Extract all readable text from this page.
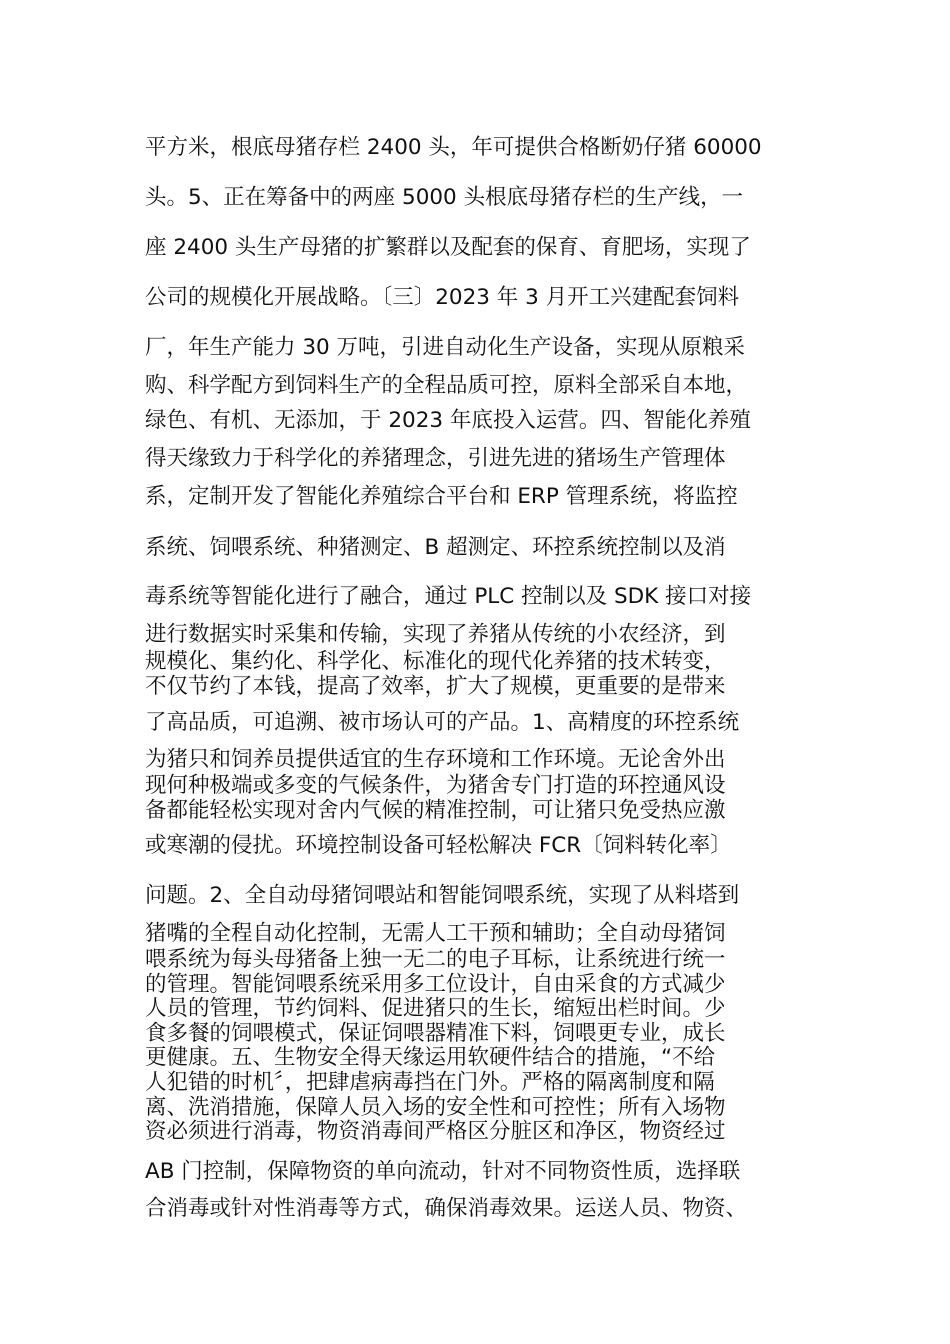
平方米，根底母猪存栏 2400 头，年可提供合格断奶仔猪 60000
头。5、正在筹备中的两座 5000 头根底母猪存栏的生产线，一
座 2400 头生产母猪的扩繁群以及配套的保育、育肥场，实现了
公司的规模化开展战略。〔三〕2023 年 3 月开工兴建配套饲料
厂，年生产能力 30 万吨，引进自动化生产设备，实现从原粮采
购、科学配方到饲料生产的全程品质可控，原料全部采自本地，
绿色、有机、无添加，于 2023 年底投入运营。四、智能化养殖
得天缘致力于科学化的养猪理念，引进先进的猪场生产管理体
系，定制开发了智能化养殖综合平台和 ERP 管理系统，将监控
系统、饲喂系统、种猪测定、B 超测定、环控系统控制以及消
毒系统等智能化进行了融合，通过 PLC 控制以及 SDK 接口对接
进行数据实时采集和传输，实现了养猪从传统的小农经济，到
规模化、集约化、科学化、标准化的现代化养猪的技术转变，
不仅节约了本钱，提高了效率，扩大了规模，更重要的是带来
了高品质，可追溯、被市场认可的产品。1、高精度的环控系统
为猪只和饲养员提供适宜的生存环境和工作环境。无论舍外出
现何种极端或多变的气候条件，为猪舍专门打造的环控通风设
备都能轻松实现对舍内气候的精准控制，可让猪只免受热应激
或寒潮的侵扰。环境控制设备可轻松解决 FCR〔饲料转化率〕
问题。2、全自动母猪饲喂站和智能饲喂系统，实现了从料塔到
猪嘴的全程自动化控制，无需人工干预和辅助；全自动母猪饲
喂系统为每头母猪备上独一无二的电子耳标，让系统进行统一
的管理。智能饲喂系统采用多工位设计，自由采食的方式减少
人员的管理，节约饲料、促进猪只的生长，缩短出栏时间。少
食多餐的饲喂模式，保证饲喂器精准下料，饲喂更专业，成长
更健康。五、生物安全得天缘运用软硬件结合的措施，“不给
人犯错的时机〞，把肆虐病毒挡在门外。严格的隔离制度和隔
离、洗消措施，保障人员入场的安全性和可控性；所有入场物
资必须进行消毒，物资消毒间严格区分脏区和净区，物资经过
AB 门控制，保障物资的单向流动，针对不同物资性质，选择联
合消毒或针对性消毒等方式，确保消毒效果。运送人员、物资、
